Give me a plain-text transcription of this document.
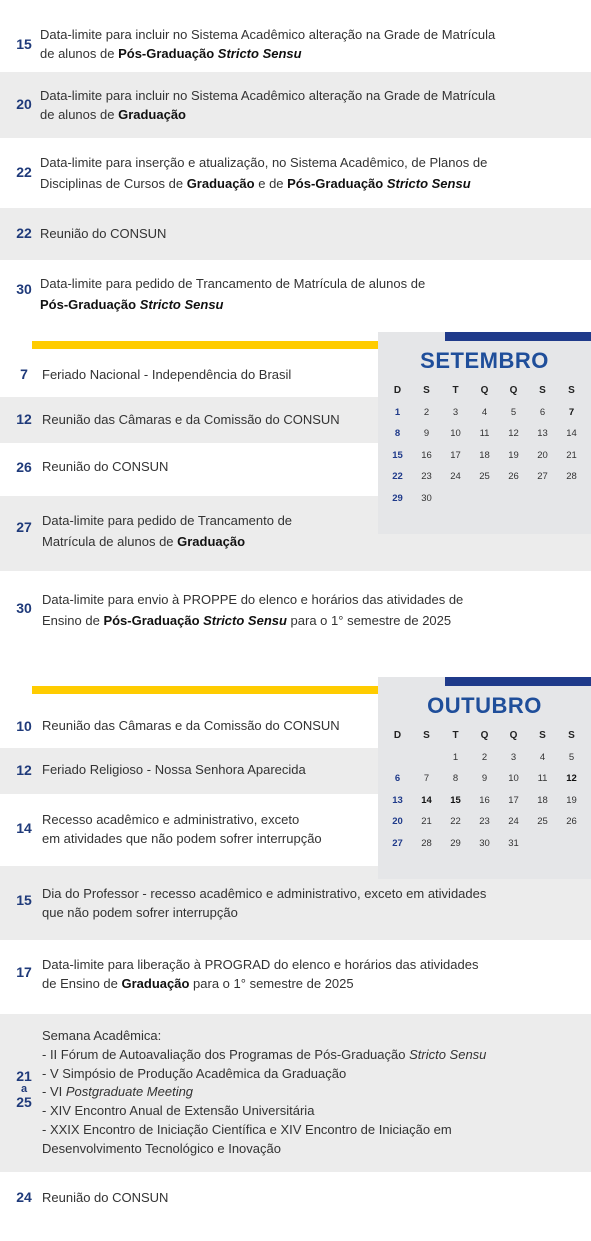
15
Data-limite para incluir no Sistema Acadêmico alteração na Grade de Matrícula
de alunos de Pós-Graduação Stricto Sensu
20
Data-limite para incluir no Sistema Acadêmico alteração na Grade de Matrícula
de alunos de Graduação
22
Data-limite para inserção e atualização, no Sistema Acadêmico, de Planos de
Disciplinas de Cursos de Graduação e de Pós-Graduação Stricto Sensu
22 Reunião do CONSUN
30 Data-limite para pedido de Trancamento de Matrícula de alunos de
Pós-Graduação Stricto Sensu
7	Feriado Nacional - Independência do Brasil
12 Reunião das Câmaras e da Comissão do CONSUN
26 Reunião do CONSUN
27 Data-limite para pedido de Trancamento de
Matrícula de alunos de Graduação
30
Data-limite para envio à PROPPE do elenco e horários das atividades de
Ensino de Pós-Graduação Stricto Sensu para o 1° semestre de 2025
SETEMBRO
D	S	T	Q	Q	S	S
1	2	3	4	5	6	7
8	9	10	11	12	13	14
15	16	17	18	19	20	21
22	23	24	25	26	27	28
29	30					
10 Reunião das Câmaras e da Comissão do CONSUN
12 Feriado Religioso - Nossa Senhora Aparecida
14
Recesso acadêmico e administrativo, exceto
em atividades que não podem sofrer interrupção
15 Dia do Professor - recesso acadêmico e administrativo, exceto em atividades
que não podem sofrer interrupção
17 Data-limite para liberação à PROGRAD do elenco e horários das atividades
de Ensino de Graduação para o 1° semestre de 2025
21
a
25
Semana Acadêmica:
- II Fórum de Autoavaliação dos Programas de Pós-Graduação Stricto Sensu
- V Simpósio de Produção Acadêmica da Graduação
- VI Postgraduate Meeting
- XIV Encontro Anual de Extensão Universitária
- XXIX Encontro de Iniciação Científica e XIV Encontro de Iniciação em
Desenvolvimento Tecnológico e Inovação
24 Reunião do CONSUN
OUTUBRO
D	S	T	Q	Q	S	S
		1	2	3	4	5
6	7	8	9	10	11	12
13	14	15	16	17	18	19
20	21	22	23	24	25	26
27	28	29	30	31		
